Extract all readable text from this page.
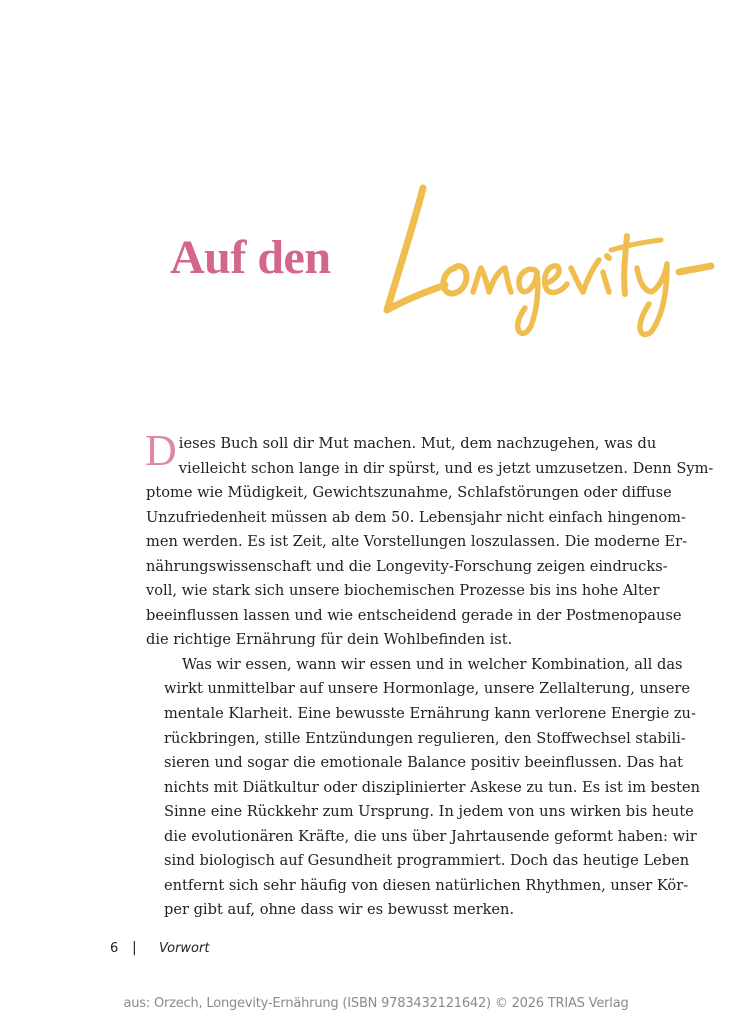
Auf den

D ieses Buch soll dir Mut machen. Mut, dem nachzugehen, was du
vielleicht schon lange in dir spürst, und es jetzt umzusetzen. Denn Sym-
ptome wie Müdigkeit, Gewichtszunahme, Schlafstörungen oder diffuse
Unzufriedenheit müssen ab dem 50. Lebensjahr nicht einfach hingenom-
men werden. Es ist Zeit, alte Vorstellungen loszulassen. Die moderne Er-
nährungswissenschaft und die Longevity-Forschung zeigen eindrucks-
voll, wie stark sich unsere biochemischen Prozesse bis ins hohe Alter
beeinflussen lassen und wie entscheidend gerade in der Postmenopause
die richtige Ernährung für dein Wohlbefinden ist.

Was wir essen, wann wir essen und in welcher Kombination, all das
wirkt unmittelbar auf unsere Hormonlage, unsere Zellalterung, unsere
mentale Klarheit. Eine bewusste Ernährung kann verlorene Energie zu-
rückbringen, stille Entzündungen regulieren, den Stoffwechsel stabili-
sieren und sogar die emotionale Balance positiv beeinflussen. Das hat
nichts mit Diätkultur oder disziplinierter Askese zu tun. Es ist im besten
Sinne eine Rückkehr zum Ursprung. In jedem von uns wirken bis heute
die evolutionären Kräfte, die uns über Jahrtausende geformt haben: wir
sind biologisch auf Gesundheit programmiert. Doch das heutige Leben
entfernt sich sehr häufig von diesen natürlichen Rhythmen, unser Kör-
per gibt auf, ohne dass wir es bewusst merken.

6 |	Vorwort
aus: Orzech, Longevity-Ernährung (ISBN 9783432121642) © 2026 TRIAS Verlag
